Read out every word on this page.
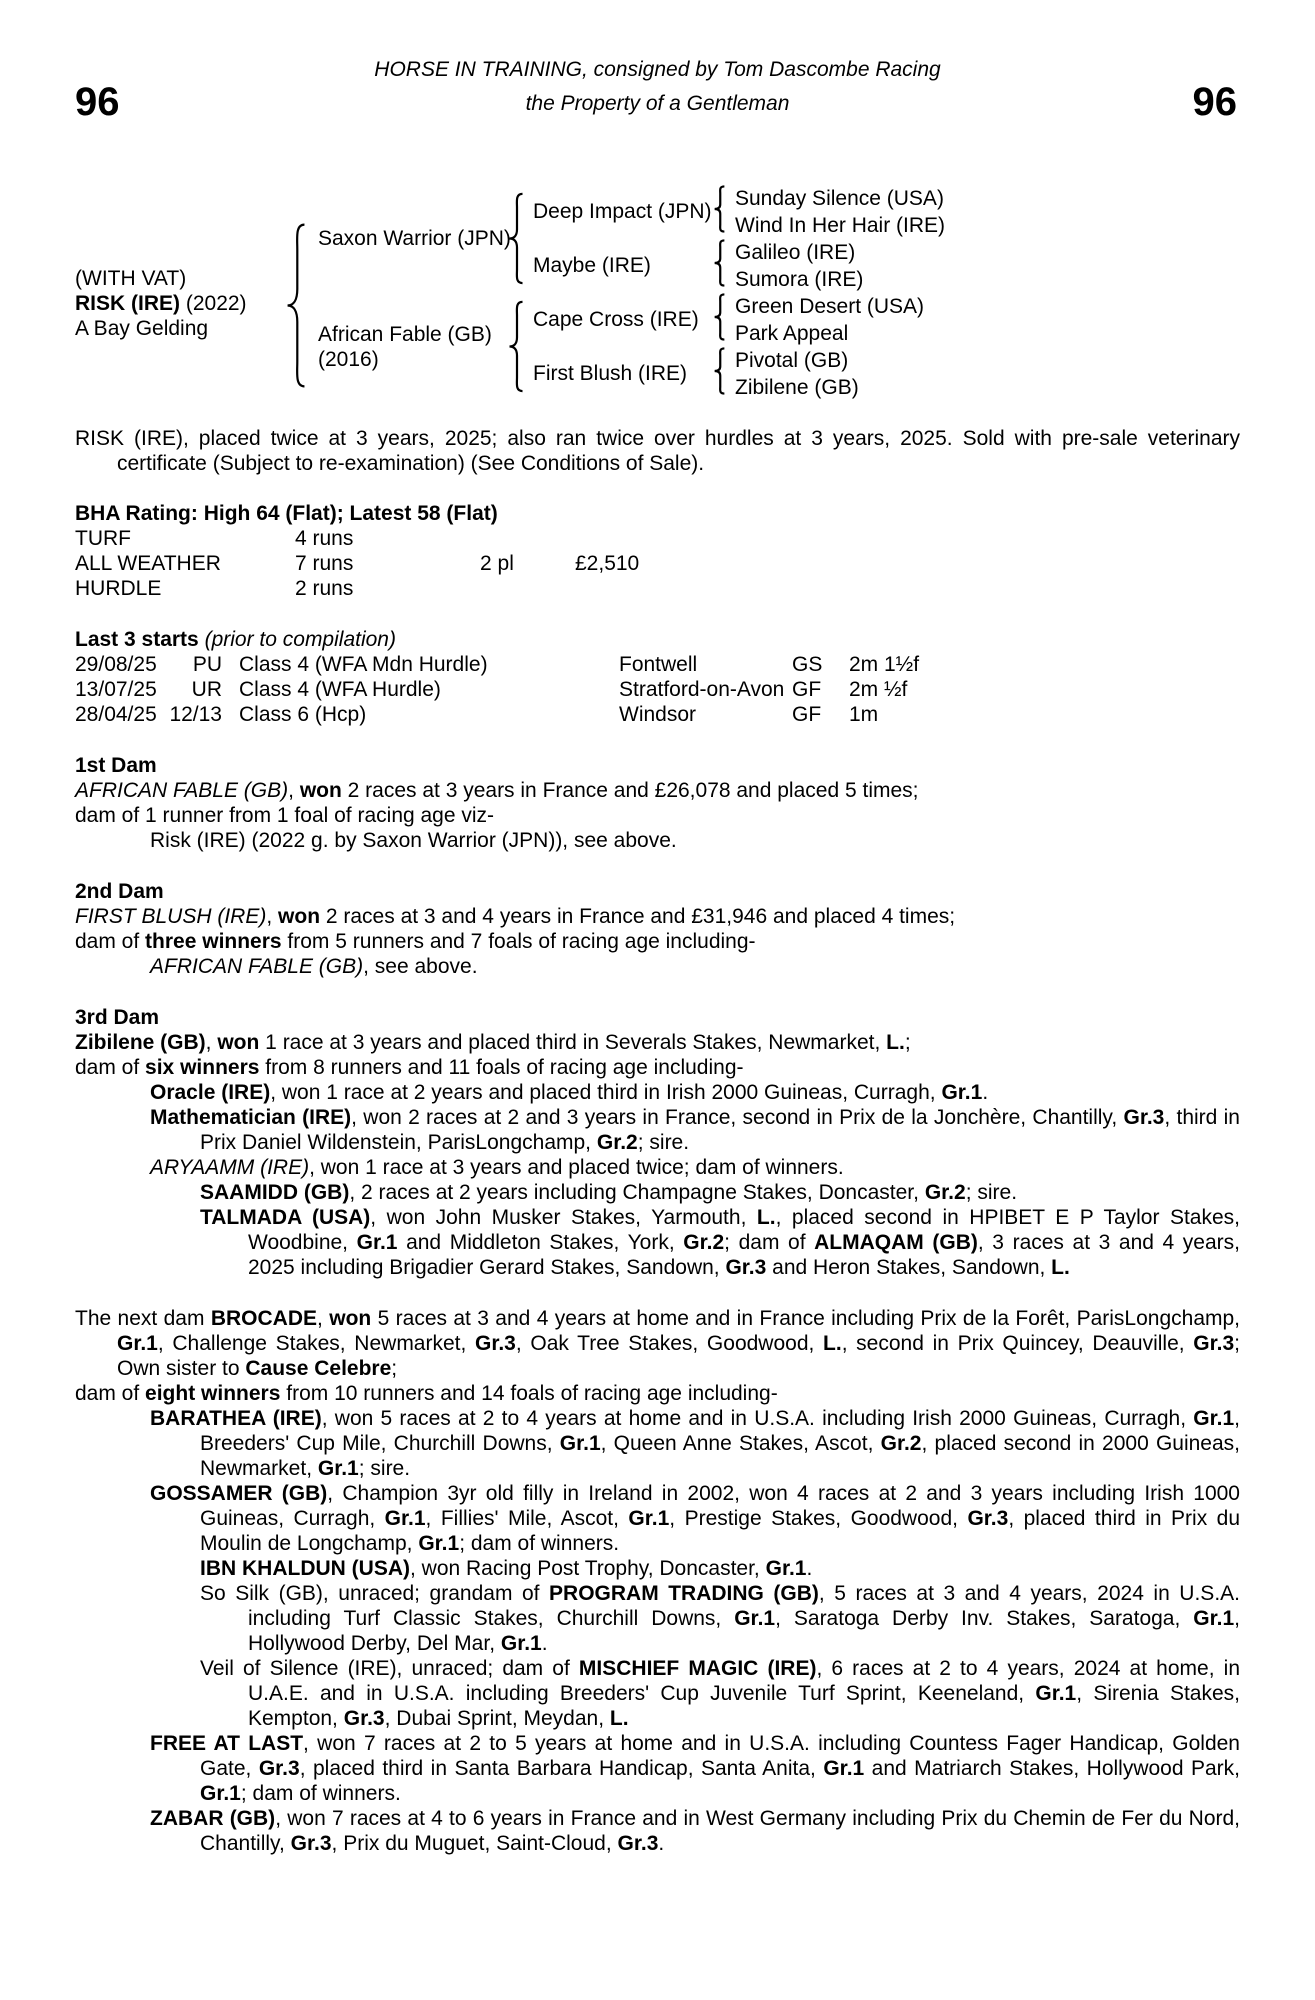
HORSE IN TRAINING, consigned by Tom Dascombe Racing
96	96
the Property of a Gentleman
(WITH VAT)
RISK (IRE) (2022)
A Bay Gelding
Saxon Warrior (JPN)
African Fable (GB)
(2016)
Deep Impact (JPN)
Maybe (IRE)
Cape Cross (IRE)
First Blush (IRE)
Sunday Silence (USA)
Wind In Her Hair (IRE)
Galileo (IRE)
Sumora (IRE)
Green Desert (USA)
Park Appeal
Pivotal (GB)
Zibilene (GB)

RISK (IRE), placed twice at 3 years, 2025; also ran twice over hurdles at 3 years, 2025. Sold with pre-sale veterinary certificate (Subject to re-examination) (See Conditions of Sale).

BHA Rating: High 64 (Flat); Latest 58 (Flat)

TURF	4 runs
ALL WEATHER	7 runs	2 pl	£2,510
HURDLE	2 runs

Last 3 starts (prior to compilation)

29/08/25	PU Class 4 (WFA Mdn Hurdle)	Fontwell	GS	2m 1½f
13/07/25	UR Class 4 (WFA Hurdle)	Stratford-on-Avon GF	2m ½f
28/04/25 12/13 Class 6 (Hcp)	Windsor	GF	1m

1st Dam

AFRICAN FABLE (GB), won 2 races at 3 years in France and £26,078 and placed 5 times;

dam of 1 runner from 1 foal of racing age viz-

Risk (IRE) (2022 g. by Saxon Warrior (JPN)), see above.

2nd Dam

FIRST BLUSH (IRE), won 2 races at 3 and 4 years in France and £31,946 and placed 4 times;

dam of three winners from 5 runners and 7 foals of racing age including-

AFRICAN FABLE (GB), see above.

3rd Dam

Zibilene (GB), won 1 race at 3 years and placed third in Severals Stakes, Newmarket, L.;

dam of six winners from 8 runners and 11 foals of racing age including-

Oracle (IRE), won 1 race at 2 years and placed third in Irish 2000 Guineas, Curragh, Gr.1.

Mathematician (IRE), won 2 races at 2 and 3 years in France, second in Prix de la Jonchère, Chantilly, Gr.3, third in Prix Daniel Wildenstein, ParisLongchamp, Gr.2; sire.

ARYAAMM (IRE), won 1 race at 3 years and placed twice; dam of winners.

SAAMIDD (GB), 2 races at 2 years including Champagne Stakes, Doncaster, Gr.2; sire.

TALMADA (USA), won John Musker Stakes, Yarmouth, L., placed second in HPIBET E P Taylor Stakes, Woodbine, Gr.1 and Middleton Stakes, York, Gr.2; dam of ALMAQAM (GB), 3 races at 3 and 4 years, 2025 including Brigadier Gerard Stakes, Sandown, Gr.3 and Heron Stakes, Sandown, L.

The next dam BROCADE, won 5 races at 3 and 4 years at home and in France including Prix de la Forêt, ParisLongchamp, Gr.1, Challenge Stakes, Newmarket, Gr.3, Oak Tree Stakes, Goodwood, L., second in Prix Quincey, Deauville, Gr.3; Own sister to Cause Celebre;

dam of eight winners from 10 runners and 14 foals of racing age including-

BARATHEA (IRE), won 5 races at 2 to 4 years at home and in U.S.A. including Irish 2000 Guineas, Curragh, Gr.1, Breeders' Cup Mile, Churchill Downs, Gr.1, Queen Anne Stakes, Ascot, Gr.2, placed second in 2000 Guineas, Newmarket, Gr.1; sire.

GOSSAMER (GB), Champion 3yr old filly in Ireland in 2002, won 4 races at 2 and 3 years including Irish 1000 Guineas, Curragh, Gr.1, Fillies' Mile, Ascot, Gr.1, Prestige Stakes, Goodwood, Gr.3, placed third in Prix du Moulin de Longchamp, Gr.1; dam of winners.

IBN KHALDUN (USA), won Racing Post Trophy, Doncaster, Gr.1.

So Silk (GB), unraced; grandam of PROGRAM TRADING (GB), 5 races at 3 and 4 years, 2024 in U.S.A. including Turf Classic Stakes, Churchill Downs, Gr.1, Saratoga Derby Inv. Stakes, Saratoga, Gr.1, Hollywood Derby, Del Mar, Gr.1.

Veil of Silence (IRE), unraced; dam of MISCHIEF MAGIC (IRE), 6 races at 2 to 4 years, 2024 at home, in U.A.E. and in U.S.A. including Breeders' Cup Juvenile Turf Sprint, Keeneland, Gr.1, Sirenia Stakes, Kempton, Gr.3, Dubai Sprint, Meydan, L.

FREE AT LAST, won 7 races at 2 to 5 years at home and in U.S.A. including Countess Fager Handicap, Golden Gate, Gr.3, placed third in Santa Barbara Handicap, Santa Anita, Gr.1 and Matriarch Stakes, Hollywood Park, Gr.1; dam of winners.

ZABAR (GB), won 7 races at 4 to 6 years in France and in West Germany including Prix du Chemin de Fer du Nord, Chantilly, Gr.3, Prix du Muguet, Saint-Cloud, Gr.3.
